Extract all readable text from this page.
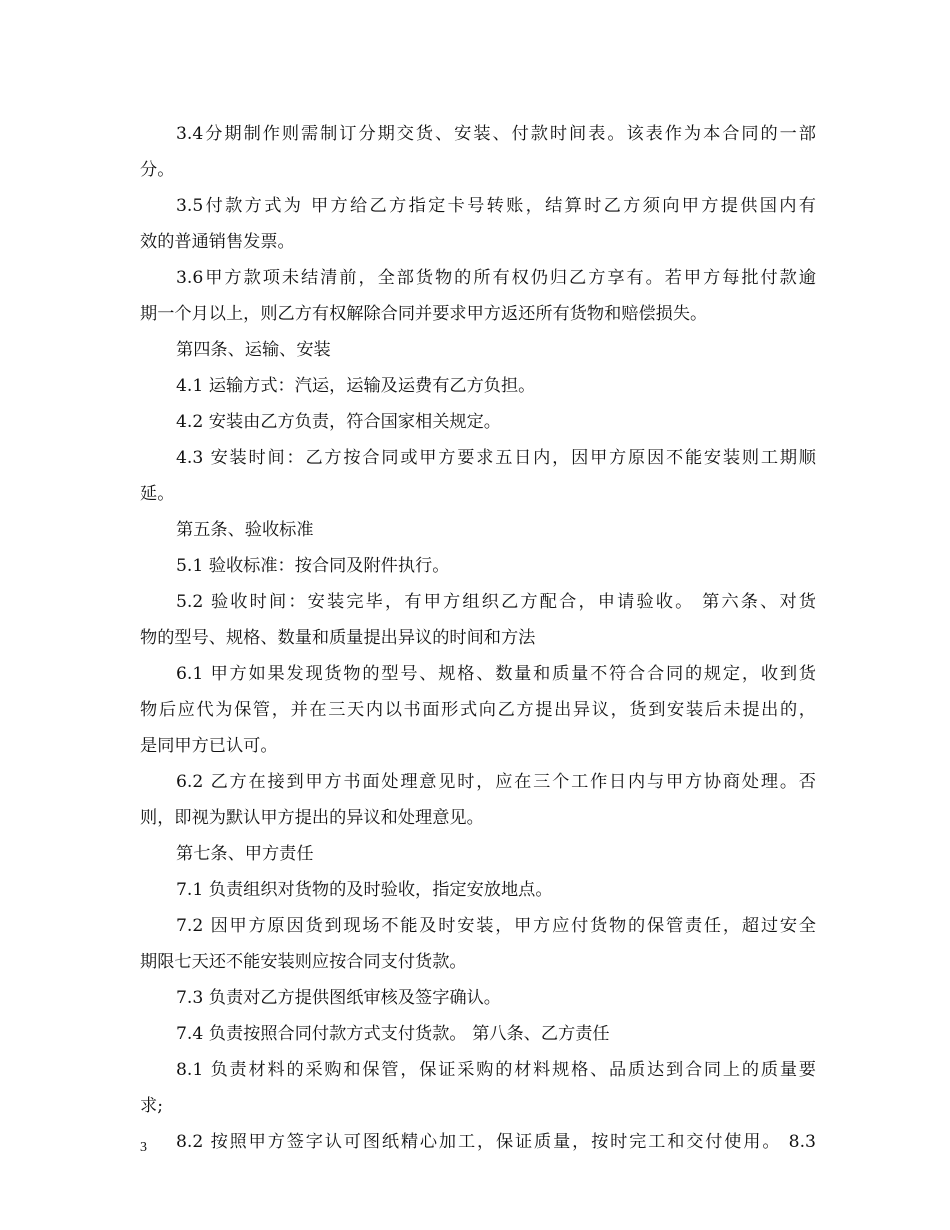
3.4分期制作则需制订分期交货、安装、付款时间表。该表作为本合同的一部
分。
3.5付款方式为 甲方给乙方指定卡号转账，结算时乙方须向甲方提供国内有
效的普通销售发票。
3.6甲方款项未结清前，全部货物的所有权仍归乙方享有。若甲方每批付款逾
期一个月以上，则乙方有权解除合同并要求甲方返还所有货物和赔偿损失。
第四条、运输、安装
4.1 运输方式：汽运，运输及运费有乙方负担。
4.2 安装由乙方负责，符合国家相关规定。
4.3 安装时间：乙方按合同或甲方要求五日内，因甲方原因不能安装则工期顺
延。
第五条、验收标准
5.1 验收标准：按合同及附件执行。
5.2 验收时间：安装完毕，有甲方组织乙方配合，申请验收。 第六条、对货
物的型号、规格、数量和质量提出异议的时间和方法
6.1 甲方如果发现货物的型号、规格、数量和质量不符合合同的规定，收到货
物后应代为保管，并在三天内以书面形式向乙方提出异议，货到安装后未提出的，
是同甲方已认可。
6.2 乙方在接到甲方书面处理意见时，应在三个工作日内与甲方协商处理。否
则，即视为默认甲方提出的异议和处理意见。
第七条、甲方责任
7.1 负责组织对货物的及时验收，指定安放地点。
7.2 因甲方原因货到现场不能及时安装，甲方应付货物的保管责任，超过安全
期限七天还不能安装则应按合同支付货款。
7.3 负责对乙方提供图纸审核及签字确认。
7.4 负责按照合同付款方式支付货款。 第八条、乙方责任
8.1 负责材料的采购和保管，保证采购的材料规格、品质达到合同上的质量要
求;
8.2 按照甲方签字认可图纸精心加工，保证质量，按时完工和交付使用。 8.3
3
